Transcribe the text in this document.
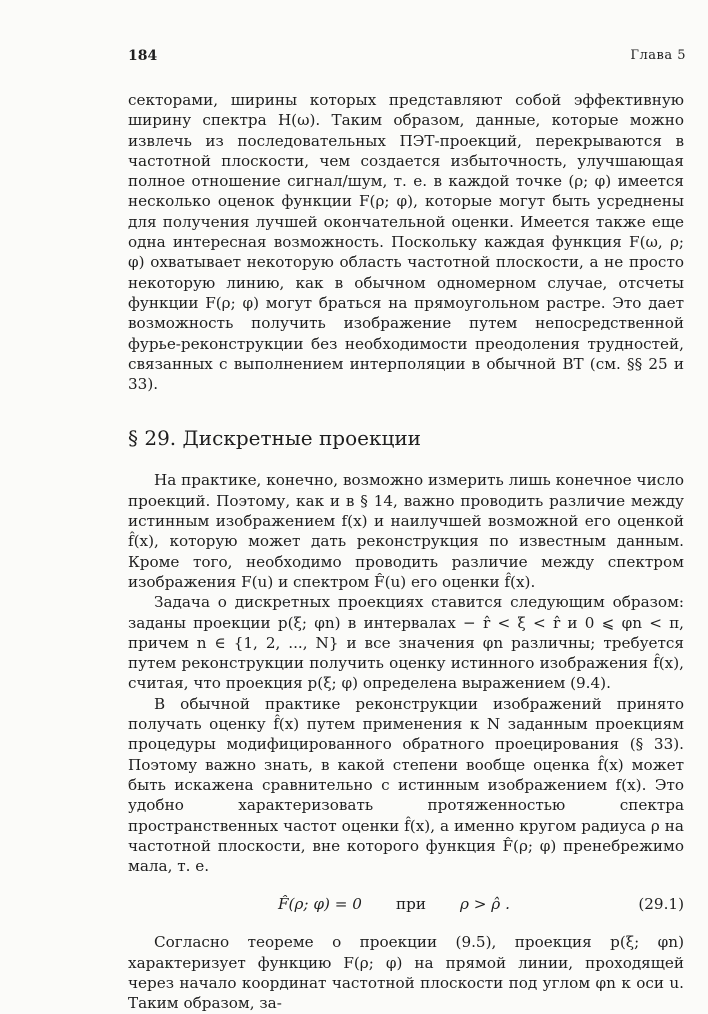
184	Глава 5

секторами, ширины которых представляют собой эффективную ширину спектра H(ω). Таким образом, данные, которые можно извлечь из последовательных ПЭТ-проекций, перекрываются в частотной плоскости, чем создается избыточность, улучшающая полное отношение сигнал/шум, т. е. в каждой точке (ρ; φ) имеется несколько оценок функции F(ρ; φ), которые могут быть усреднены для получения лучшей окончательной оценки. Имеется также еще одна интересная возможность. Поскольку каждая функция F(ω, ρ; φ) охватывает некоторую область частотной плоскости, а не просто некоторую линию, как в обычном одномерном случае, отсчеты функции F(ρ; φ) могут браться на прямоугольном растре. Это дает возможность получить изображение путем непосредственной фурье-реконструкции без необходимости преодоления трудностей, связанных с выполнением интерполяции в обычной ВТ (см. §§ 25 и 33).

§ 29. Дискретные проекции

На практике, конечно, возможно измерить лишь конечное число проекций. Поэтому, как и в § 14, важно проводить различие между истинным изображением f(x) и наилучшей возможной его оценкой f̂(x), которую может дать реконструкция по известным данным. Кроме того, необходимо проводить различие между спектром изображения F(u) и спектром F̂(u) его оценки f̂(x).

Задача о дискретных проекциях ставится следующим образом: заданы проекции p(ξ; φn) в интервалах − r̂ < ξ < r̂ и 0 ⩽ φn < π, причем n ∈ {1, 2, ..., N} и все значения φn различны; требуется путем реконструкции получить оценку истинного изображения f̂(x), считая, что проекция p(ξ; φ) определена выражением (9.4).

В обычной практике реконструкции изображений принято получать оценку f̂(x) путем применения к N заданным проекциям процедуры модифицированного обратного проецирования (§ 33). Поэтому важно знать, в какой степени вообще оценка f̂(x) может быть искажена сравнительно с истинным изображением f(x). Это удобно характеризовать протяженностью спектра пространственных частот оценки f̂(x), а именно кругом радиуса ρ на частотной плоскости, вне которого функция F̂(ρ; φ) пренебрежимо мала, т. е.

F̂(ρ; φ) = 0 при ρ > ρ̂ .	(29.1)

Согласно теореме о проекции (9.5), проекция p(ξ; φn) характеризует функцию F(ρ; φ) на прямой линии, проходящей через начало координат частотной плоскости под углом φn к оси u. Таким образом, за-
